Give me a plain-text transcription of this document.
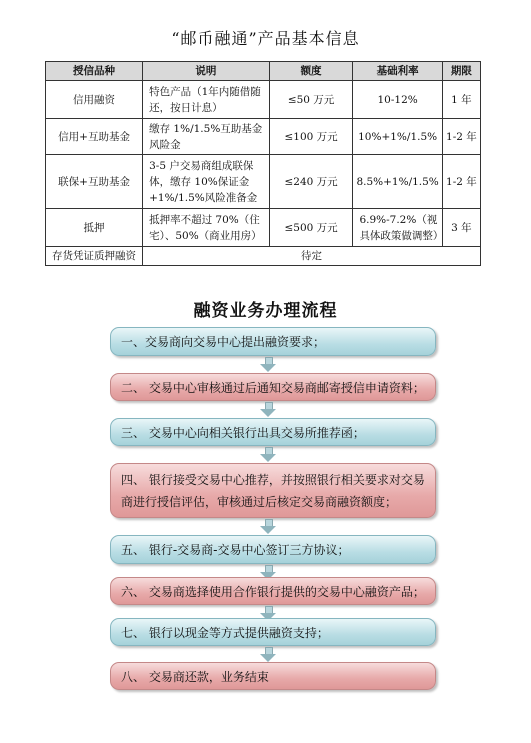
“邮币融通”产品基本信息
授信品种	说明	额度	基础利率	期限
信用融资	特色产品（1年内随借随还，按日计息）	≤50 万元	10-12%	1 年
信用+互助基金	缴存 1%/1.5%互助基金风险金	≤100 万元	10%+1%/1.5%	1-2 年
联保+互助基金	3-5 户交易商组成联保体，缴存 10%保证金+1%/1.5%风险准备金	≤240 万元	8.5%+1%/1.5%	1-2 年
抵押	抵押率不超过 70%（住宅）、50%（商业用房）	≤500 万元	6.9%-7.2%（视具体政策做调整）	3 年
存货凭证质押融资	待定			
融资业务办理流程
一、交易商向交易中心提出融资要求；
二、 交易中心审核通过后通知交易商邮寄授信申请资料；
三、 交易中心向相关银行出具交易所推荐函；
四、 银行接受交易中心推荐，并按照银行相关要求对交易商进行授信评估，审核通过后核定交易商融资额度；
五、 银行-交易商-交易中心签订三方协议；
六、 交易商选择使用合作银行提供的交易中心融资产品；
七、 银行以现金等方式提供融资支持；
八、 交易商还款，业务结束
